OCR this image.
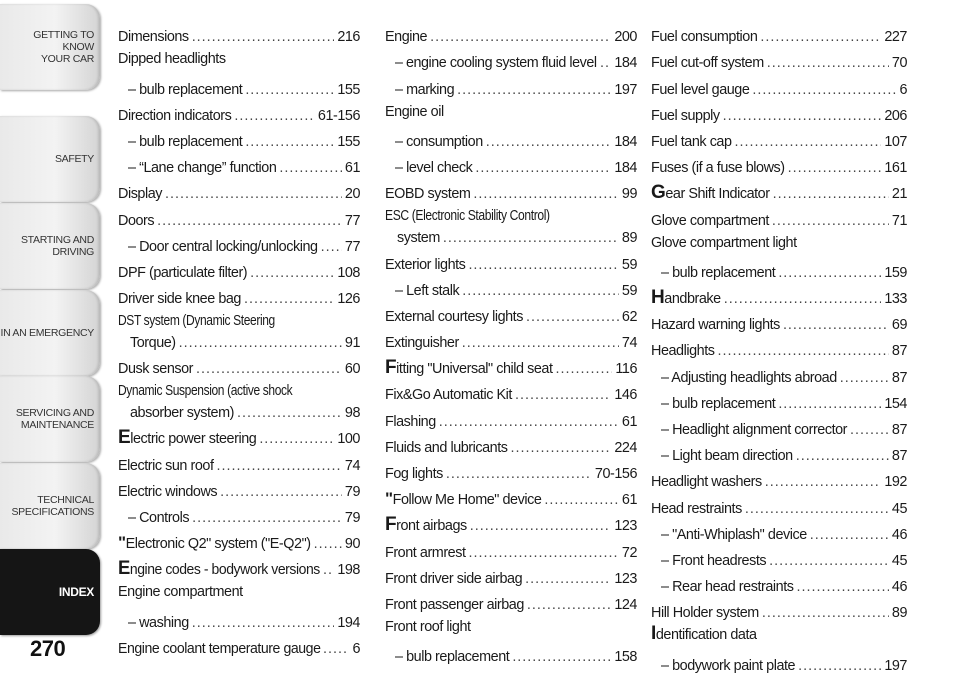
GETTING TO KNOW
YOUR CAR
SAFETY
STARTING AND
DRIVING
IN AN EMERGENCY
SERVICING AND
MAINTENANCE
TECHNICAL
SPECIFICATIONS
INDEX
270
Dimensions .....	216
Dipped headlights
– bulb replacement .....	155
Direction indicators .....	61-156
– bulb replacement .....	155
– “Lane change” function .....	61
Display .....	20
Doors .....	77
– Door central locking/unlocking ..... 77
DPF (particulate filter) .....	108
Driver side knee bag .....	126
DST system (Dynamic Steering
Torque) .....	91
Dusk sensor .....	60
Dynamic Suspension (active shock
absorber system) .....	98
Electric power steering .....	100
Electric sun roof .....	74
Electric windows .....	79
– Controls .....	79
"Electronic Q2" system ("E-Q2") ..... 90
Engine codes - bodywork versions ..... 198
Engine compartment
– washing .....	194
Engine coolant temperature gauge ..... 6
Engine .....	200
– engine cooling system fluid level ..... 184
– marking .....	197
Engine oil
– consumption .....	184
– level check .....	184
EOBD system .....	99
ESC (Electronic Stability Control)
system .....	89
Exterior lights .....	59
– Left stalk .....	59
External courtesy lights .....	62
Extinguisher .....	74
Fitting "Universal" child seat .....	116
Fix&Go Automatic Kit .....	146
Flashing .....	61
Fluids and lubricants .....	224
Fog lights .....	70-156
"Follow Me Home" device .....	61
Front airbags .....	123
Front armrest .....	72
Front driver side airbag .....	123
Front passenger airbag .....	124
Front roof light
– bulb replacement .....	158
Fuel consumption .....	227
Fuel cut-off system .....	70
Fuel level gauge .....	6
Fuel supply .....	206
Fuel tank cap .....	107
Fuses (if a fuse blows) .....	161
Gear Shift Indicator .....	21
Glove compartment .....	71
Glove compartment light
– bulb replacement .....	159
Handbrake .....	133
Hazard warning lights .....	69
Headlights .....	87
– Adjusting headlights abroad .....	87
– bulb replacement .....	154
– Headlight alignment corrector .....	87
– Light beam direction .....	87
Headlight washers .....	192
Head restraints .....	45
– "Anti-Whiplash" device .....	46
– Front headrests .....	45
– Rear head restraints .....	46
Hill Holder system .....	89
Identification data
– bodywork paint plate .....	197
